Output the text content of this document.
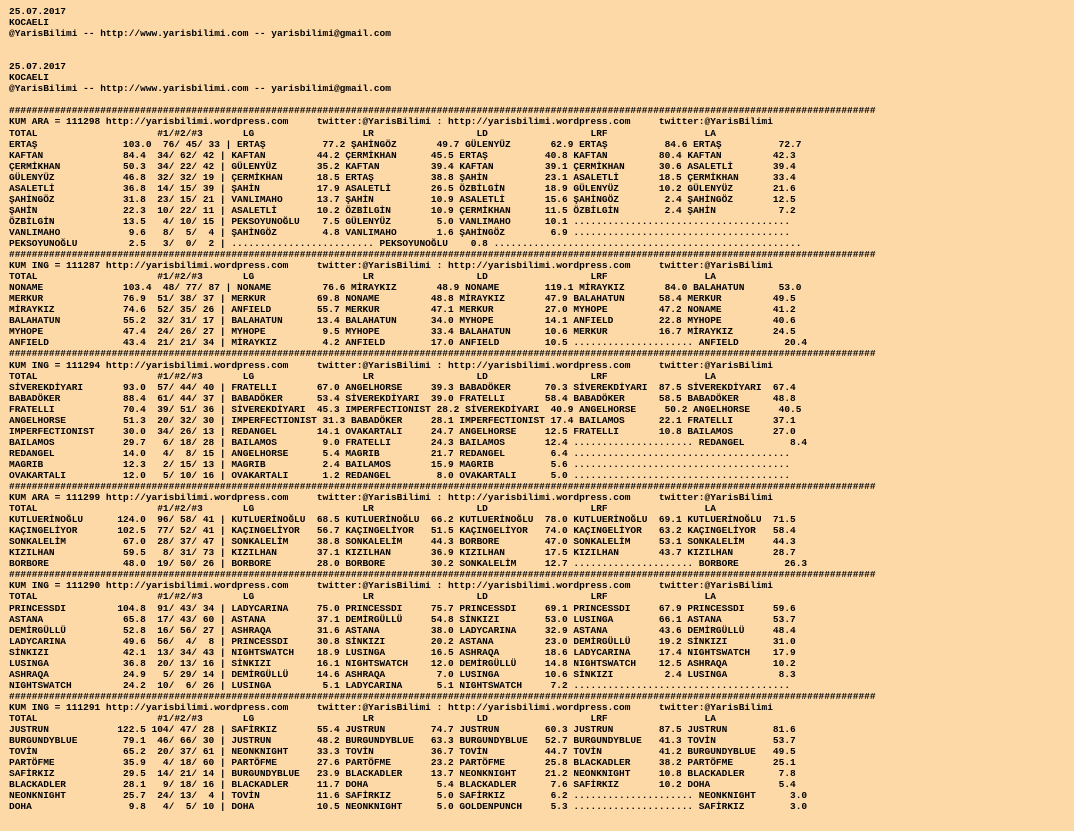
25.07.2017
KOCAELI
@YarisBilimi -- http://www.yarisbilimi.com -- yarisbilimi@gmail.com
25.07.2017
KOCAELI
@YarisBilimi -- http://www.yarisbilimi.com -- yarisbilimi@gmail.com
########################################################################################################################################################
KUM ARA = 111298 http://yarisbilimi.wordpress.com     twitter:@YarisBilimi : http://yarisbilimi.wordpress.com     twitter:@YarisBilimi
TOTAL                     #1/#2/#3       LG                   LR                  LD                  LRF                 LA
ERTAŞ               103.0  76/ 45/ 33 | ERTAŞ          77.2 ŞAHİNGÖZ       49.7 GÜLENYÜZ       62.9 ERTAŞ          84.6 ERTAŞ          72.7
KAFTAN              84.4  34/ 62/ 42 | KAFTAN         44.2 ÇERMİKHAN      45.5 ERTAŞ          40.8 KAFTAN         80.4 KAFTAN         42.3
ÇERMİKHAN           50.3  34/ 22/ 42 | GÜLENYÜZ       35.2 KAFTAN         39.4 KAFTAN         39.1 ÇERMİKHAN      30.6 ASALETLİ       39.4
GÜLENYÜZ            46.8  32/ 32/ 19 | ÇERMİKHAN      18.5 ERTAŞ          38.8 ŞAHİN          23.1 ASALETLİ       18.5 ÇERMİKHAN      33.4
ASALETLİ            36.8  14/ 15/ 39 | ŞAHİN          17.9 ASALETLİ       26.5 ÖZBİLGİN       18.9 GÜLENYÜZ       10.2 GÜLENYÜZ       21.6
ŞAHİNGÖZ            31.8  23/ 15/ 21 | VANLIMAHO      13.7 ŞAHİN          10.9 ASALETLİ       15.6 ŞAHİNGÖZ        2.4 ŞAHİNGÖZ       12.5
ŞAHİN               22.3  10/ 22/ 11 | ASALETLİ       10.2 ÖZBİLGİN       10.9 ÇERMİKHAN      11.5 ÖZBİLGİN        2.4 ŞAHİN           7.2
ÖZBİLGİN            13.5   4/ 10/ 15 | PEKSOYUNOĞLU    7.5 GÜLENYÜZ        5.0 VANLIMAHO      10.1 ......................................
VANLIMAHO            9.6   8/  5/  4 | ŞAHİNGÖZ        4.8 VANLIMAHO       1.6 ŞAHİNGÖZ        6.9 ......................................
PEKSOYUNOĞLU         2.5   3/  0/  2 | ......................... PEKSOYUNOĞLU    0.8 ......................................................
########################################################################################################################################################
KUM ING = 111287 http://yarisbilimi.wordpress.com     twitter:@YarisBilimi : http://yarisbilimi.wordpress.com     twitter:@YarisBilimi
TOTAL                     #1/#2/#3       LG                   LR                  LD                  LRF                 LA
NONAME              103.4  48/ 77/ 87 | NONAME         76.6 MİRAYKIZ       48.9 NONAME        119.1 MİRAYKIZ       84.0 BALAHATUN      53.0
MERKUR              76.9  51/ 38/ 37 | MERKUR         69.8 NONAME         48.8 MİRAYKIZ       47.9 BALAHATUN      58.4 MERKUR         49.5
MİRAYKIZ            74.6  52/ 35/ 26 | ANFIELD        55.7 MERKUR         47.1 MERKUR         27.0 MYHOPE         47.2 NONAME         41.2
BALAHATUN           55.2  32/ 31/ 17 | BALAHATUN      13.4 BALAHATUN      34.0 MYHOPE         14.1 ANFIELD        22.8 MYHOPE         40.6
MYHOPE              47.4  24/ 26/ 27 | MYHOPE          9.5 MYHOPE         33.4 BALAHATUN      10.6 MERKUR         16.7 MİRAYKIZ       24.5
ANFIELD             43.4  21/ 21/ 34 | MİRAYKIZ        4.2 ANFIELD        17.0 ANFIELD        10.5 ..................... ANFIELD        20.4
########################################################################################################################################################
KUM ING = 111294 http://yarisbilimi.wordpress.com     twitter:@YarisBilimi : http://yarisbilimi.wordpress.com     twitter:@YarisBilimi
TOTAL                     #1/#2/#3       LG                   LR                  LD                  LRF                 LA
SİVEREKDİYARI       93.0  57/ 44/ 40 | FRATELLI       67.0 ANGELHORSE     39.3 BABADÖKER      70.3 SİVEREKDİYARI  87.5 SİVEREKDİYARI  67.4
BABADÖKER           88.4  61/ 44/ 37 | BABADÖKER      53.4 SİVEREKDİYARI  39.0 FRATELLI       58.4 BABADÖKER      58.5 BABADÖKER      48.8
FRATELLI            70.4  39/ 51/ 36 | SİVEREKDİYARI  45.3 IMPERFECTIONIST 28.2 SİVEREKDİYARI  40.9 ANGELHORSE     50.2 ANGELHORSE     40.5
ANGELHORSE          51.3  20/ 32/ 30 | IMPERFECTIONIST 31.3 BABADÖKER     28.1 IMPERFECTIONIST 17.4 BAILAMOS      22.1 FRATELLI       37.1
IMPERFECTIONIST     30.0  34/ 26/ 13 | REDANGEL       14.1 OVAKARTALI     24.7 ANGELHORSE     12.5 FRATELLI       10.8 BAILAMOS       27.0
BAILAMOS            29.7   6/ 18/ 28 | BAILAMOS        9.0 FRATELLI       24.3 BAILAMOS       12.4 ..................... REDANGEL        8.4
REDANGEL            14.0   4/  8/ 15 | ANGELHORSE      5.4 MAGRIB         21.7 REDANGEL        6.4 ......................................
MAGRIB              12.3   2/ 15/ 13 | MAGRIB          2.4 BAILAMOS       15.9 MAGRIB          5.6 ......................................
OVAKARTALI          12.0   5/ 10/ 16 | OVAKARTALI      1.2 REDANGEL        8.0 OVAKARTALI      5.0 ......................................
########################################################################################################################################################
KUM ARA = 111299 http://yarisbilimi.wordpress.com     twitter:@YarisBilimi : http://yarisbilimi.wordpress.com     twitter:@YarisBilimi
TOTAL                     #1/#2/#3       LG                   LR                  LD                  LRF                 LA
KUTLUERİNOĞLU      124.0  96/ 58/ 41 | KUTLUERİNOĞLU  68.5 KUTLUERİNOĞLU  66.2 KUTLUERİNOĞLU  78.0 KUTLUERİNOĞLU  69.1 KUTLUERİNOĞLU  71.5
KAÇINGELİYOR       102.5  77/ 52/ 41 | KAÇINGELİYOR   56.7 KAÇINGELİYOR   51.5 KAÇINGELİYOR   74.0 KAÇINGELİYOR   63.2 KAÇINGELİYOR   58.4
SONKALELİM          67.0  28/ 37/ 47 | SONKALELİM     38.8 SONKALELİM     44.3 BORBORE        47.0 SONKALELİM     53.1 SONKALELİM     44.3
KIZILHAN            59.5   8/ 31/ 73 | KIZILHAN       37.1 KIZILHAN       36.9 KIZILHAN       17.5 KIZILHAN       43.7 KIZILHAN       28.7
BORBORE             48.0  19/ 50/ 26 | BORBORE        28.0 BORBORE        30.2 SONKALELİM     12.7 ..................... BORBORE        26.3
########################################################################################################################################################
KUM ING = 111290 http://yarisbilimi.wordpress.com     twitter:@YarisBilimi : http://yarisbilimi.wordpress.com     twitter:@YarisBilimi
TOTAL                     #1/#2/#3       LG                   LR                  LD                  LRF                 LA
PRINCESSDI         104.8  91/ 43/ 34 | LADYCARINA     75.0 PRINCESSDI     75.7 PRINCESSDI     69.1 PRINCESSDI     67.9 PRINCESSDI     59.6
ASTANA              65.8  17/ 43/ 60 | ASTANA         37.1 DEMİRGÜLLÜ     54.8 SİNKIZI        53.0 LUSINGA        66.1 ASTANA         53.7
DEMİRGÜLLÜ          52.8  16/ 56/ 27 | ASHRAQA        31.6 ASTANA         38.0 LADYCARINA     32.9 ASTANA         43.6 DEMİRGÜLLÜ     48.4
LADYCARINA          49.6  56/  4/  8 | PRINCESSDI     30.8 SİNKIZI        20.2 ASTANA         23.0 DEMİRGÜLLÜ     19.2 SİNKIZI        31.0
SİNKIZI             42.1  13/ 34/ 43 | NIGHTSWATCH    18.9 LUSINGA        16.5 ASHRAQA        18.6 LADYCARINA     17.4 NIGHTSWATCH    17.9
LUSINGA             36.8  20/ 13/ 16 | SİNKIZI        16.1 NIGHTSWATCH    12.0 DEMİRGÜLLÜ     14.8 NIGHTSWATCH    12.5 ASHRAQA        10.2
ASHRAQA             24.9   5/ 29/ 14 | DEMİRGÜLLÜ     14.6 ASHRAQA         7.0 LUSINGA        10.6 SİNKIZI         2.4 LUSINGA         8.3
NIGHTSWATCH         24.2  10/  6/ 26 | LUSINGA         5.1 LADYCARINA      5.1 NIGHTSWATCH     7.2 ......................................
########################################################################################################################################################
KUM ING = 111291 http://yarisbilimi.wordpress.com     twitter:@YarisBilimi : http://yarisbilimi.wordpress.com     twitter:@YarisBilimi
TOTAL                     #1/#2/#3       LG                   LR                  LD                  LRF                 LA
JUSTRUN            122.5 104/ 47/ 28 | SAFİRKIZ       55.4 JUSTRUN        74.7 JUSTRUN        60.3 JUSTRUN        87.5 JUSTRUN        81.6
BURGUNDYBLUE        79.1  46/ 66/ 30 | JUSTRUN        48.2 BURGUNDYBLUE   63.3 BURGUNDYBLUE   52.7 BURGUNDYBLUE   41.3 TOVİN          53.7
TOVİN               65.2  20/ 37/ 61 | NEONKNIGHT     33.3 TOVİN          36.7 TOVİN          44.7 TOVİN          41.2 BURGUNDYBLUE   49.5
PARTÖFME            35.9   4/ 18/ 60 | PARTÖFME       27.6 PARTÖFME       23.2 PARTÖFME       25.8 BLACKADLER     38.2 PARTÖFME       25.1
SAFİRKIZ            29.5  14/ 21/ 14 | BURGUNDYBLUE   23.9 BLACKADLER     13.7 NEONKNIGHT     21.2 NEONKNIGHT     10.8 BLACKADLER      7.8
BLACKADLER          28.1   9/ 18/ 16 | BLACKADLER     11.7 DOHA            5.4 BLACKADLER      7.6 SAFİRKIZ       10.2 DOHA            5.4
NEONKNIGHT          25.7  24/ 13/  4 | TOVİN          11.6 SAFİRKIZ        5.0 SAFİRKIZ        6.2 ..................... NEONKNIGHT      3.0
DOHA                 9.8   4/  5/ 10 | DOHA           10.5 NEONKNIGHT      5.0 GOLDENPUNCH     5.3 ..................... SAFİRKIZ        3.0
